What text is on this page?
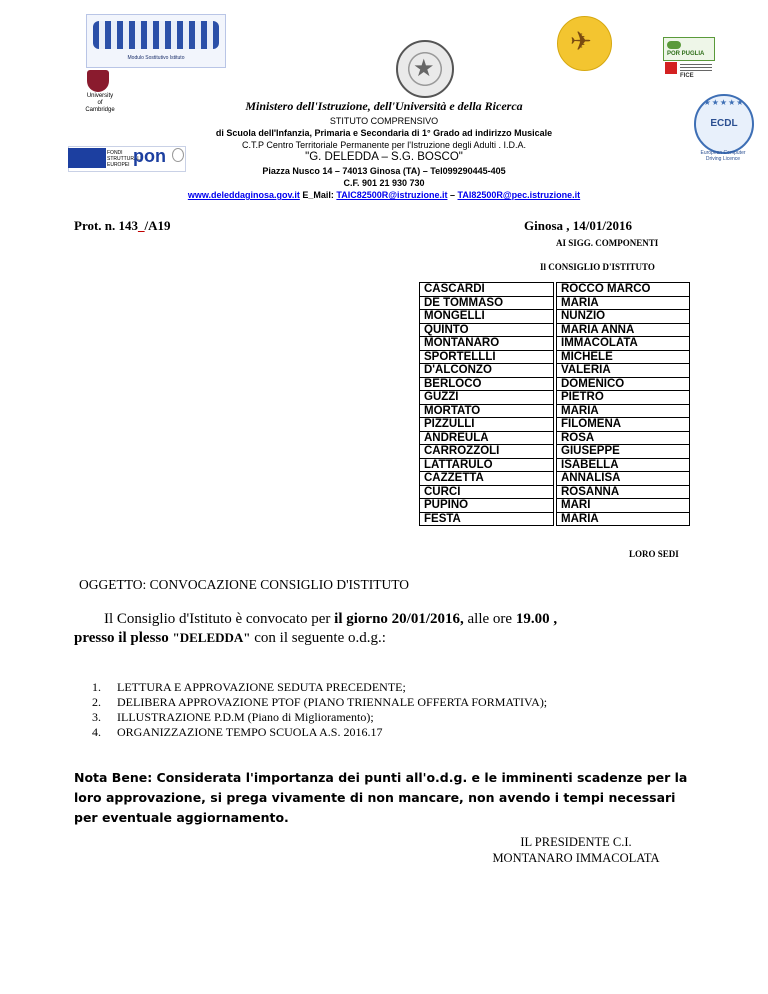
Modulo Sostitutivo Istituto	★
✈
University
of
Cambridge
FONDI
STRUTTURALI
EUROPEI pon
POR PUGLIA
FICE
★★★★★
ECDL
European Computer
Driving Licence
Ministero dell'Istruzione, dell'Università e della Ricerca
STITUTO COMPRENSIVO
di Scuola dell'Infanzia, Primaria e Secondaria di 1° Grado ad indirizzo Musicale
C.T.P Centro Territoriale Permanente per l'Istruzione degli Adulti . I.D.A.
"G. DELEDDA – S.G. BOSCO"
Piazza Nusco 14 – 74013 Ginosa (TA) – Tel099290445-405
C.F. 901 21 930 730
www.deleddaginosa.gov.it E_Mail: TAIC82500R@istruzione.it – TAI82500R@pec.istruzione.it
Prot. n. 143_/A19	Ginosa , 14/01/2016
AI SIGG. COMPONENTI
Il CONSIGLIO D'ISTITUTO
CASCARDI		ROCCO MARCO
DE TOMMASO		MARIA
MONGELLI		NUNZIO
QUINTO		MARIA ANNA
MONTANARO		IMMACOLATA
SPORTELLLI		MICHELE
D'ALCONZO		VALERIA
BERLOCO		DOMENICO
GUZZI		PIETRO
MORTATO		MARIA
PIZZULLI		FILOMENA
ANDREULA		ROSA
CARROZZOLI		GIUSEPPE
LATTARULO		ISABELLA
CAZZETTA		ANNALISA
CURCI		ROSANNA
PUPINO		MARI
FESTA		MARIA
LORO SEDI
OGGETTO: CONVOCAZIONE CONSIGLIO D'ISTITUTO
Il Consiglio d'Istituto è convocato per il giorno 20/01/2016, alle ore 19.00 ,
presso il plesso "DELEDDA" con il seguente o.d.g.:
1. LETTURA E APPROVAZIONE SEDUTA PRECEDENTE;
2. DELIBERA APPROVAZIONE PTOF (PIANO TRIENNALE OFFERTA FORMATIVA);
3. ILLUSTRAZIONE P.D.M (Piano di Miglioramento);
4. ORGANIZZAZIONE TEMPO SCUOLA A.S. 2016.17
Nota Bene: Considerata l'importanza dei punti all'o.d.g. e le imminenti scadenze per la
loro approvazione, si prega vivamente di non mancare, non avendo i tempi necessari
per eventuale aggiornamento.
IL PRESIDENTE C.I.
MONTANARO IMMACOLATA
